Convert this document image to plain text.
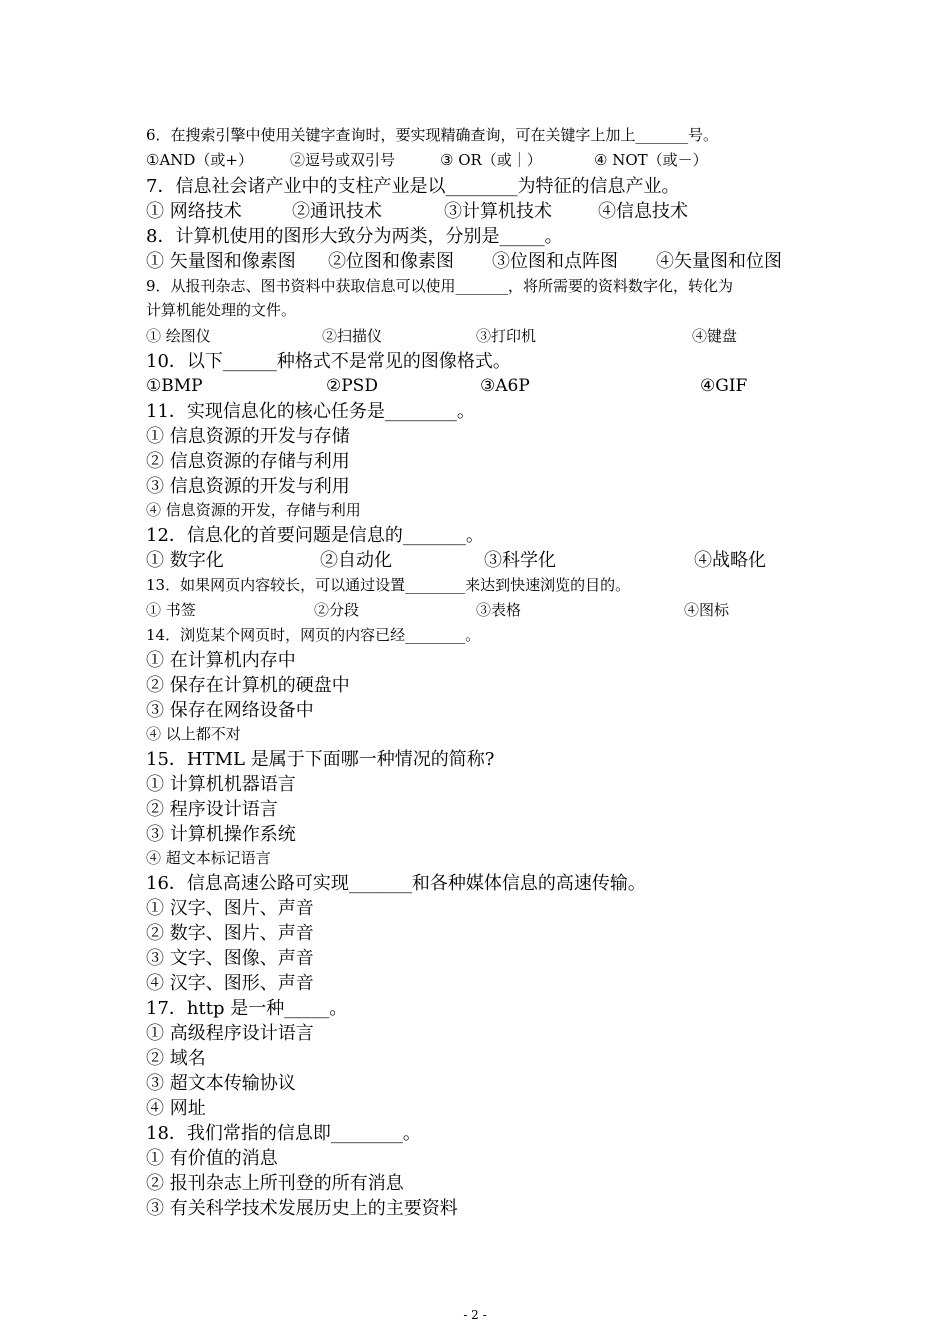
6．在搜索引擎中使用关键字查询时，要实现精确查询，可在关键字上加上_______号。
①AND（或+） ②逗号或双引号	③ OR（或｜）	④ NOT（或－）
7．信息社会诸产业中的支柱产业是以________为特征的信息产业。
① 网络技术	②通讯技术	③计算机技术	④信息技术
8．计算机使用的图形大致分为两类，分别是_____。
① 矢量图和像素图 ②位图和像素图 ③位图和点阵图 ④矢量图和位图
9．从报刊杂志、图书资料中获取信息可以使用_______，将所需要的资料数字化，转化为
计算机能处理的文件。
① 绘图仪	②扫描仪	③打印机	④键盘
10．以下______种格式不是常见的图像格式。
①BMP	②PSD	③A6P	④GIF
11．实现信息化的核心任务是________。
① 信息资源的开发与存储
② 信息资源的存储与利用
③ 信息资源的开发与利用
④ 信息资源的开发，存储与利用
12．信息化的首要问题是信息的_______。
① 数字化	②自动化	③科学化	④战略化
13．如果网页内容较长，可以通过设置________来达到快速浏览的目的。
① 书签	②分段	③表格	④图标
14．浏览某个网页时，网页的内容已经________。
① 在计算机内存中
② 保存在计算机的硬盘中
③ 保存在网络设备中
④ 以上都不对
15．HTML 是属于下面哪一种情况的简称?
① 计算机机器语言
② 程序设计语言
③ 计算机操作系统
④ 超文本标记语言
16．信息高速公路可实现_______和各种媒体信息的高速传输。
① 汉字、图片、声音
② 数字、图片、声音
③ 文字、图像、声音
④ 汉字、图形、声音
17．http 是一种_____。
① 高级程序设计语言
② 域名
③ 超文本传输协议
④ 网址
18．我们常指的信息即________。
① 有价值的消息
② 报刊杂志上所刊登的所有消息
③ 有关科学技术发展历史上的主要资料
- 2 -
